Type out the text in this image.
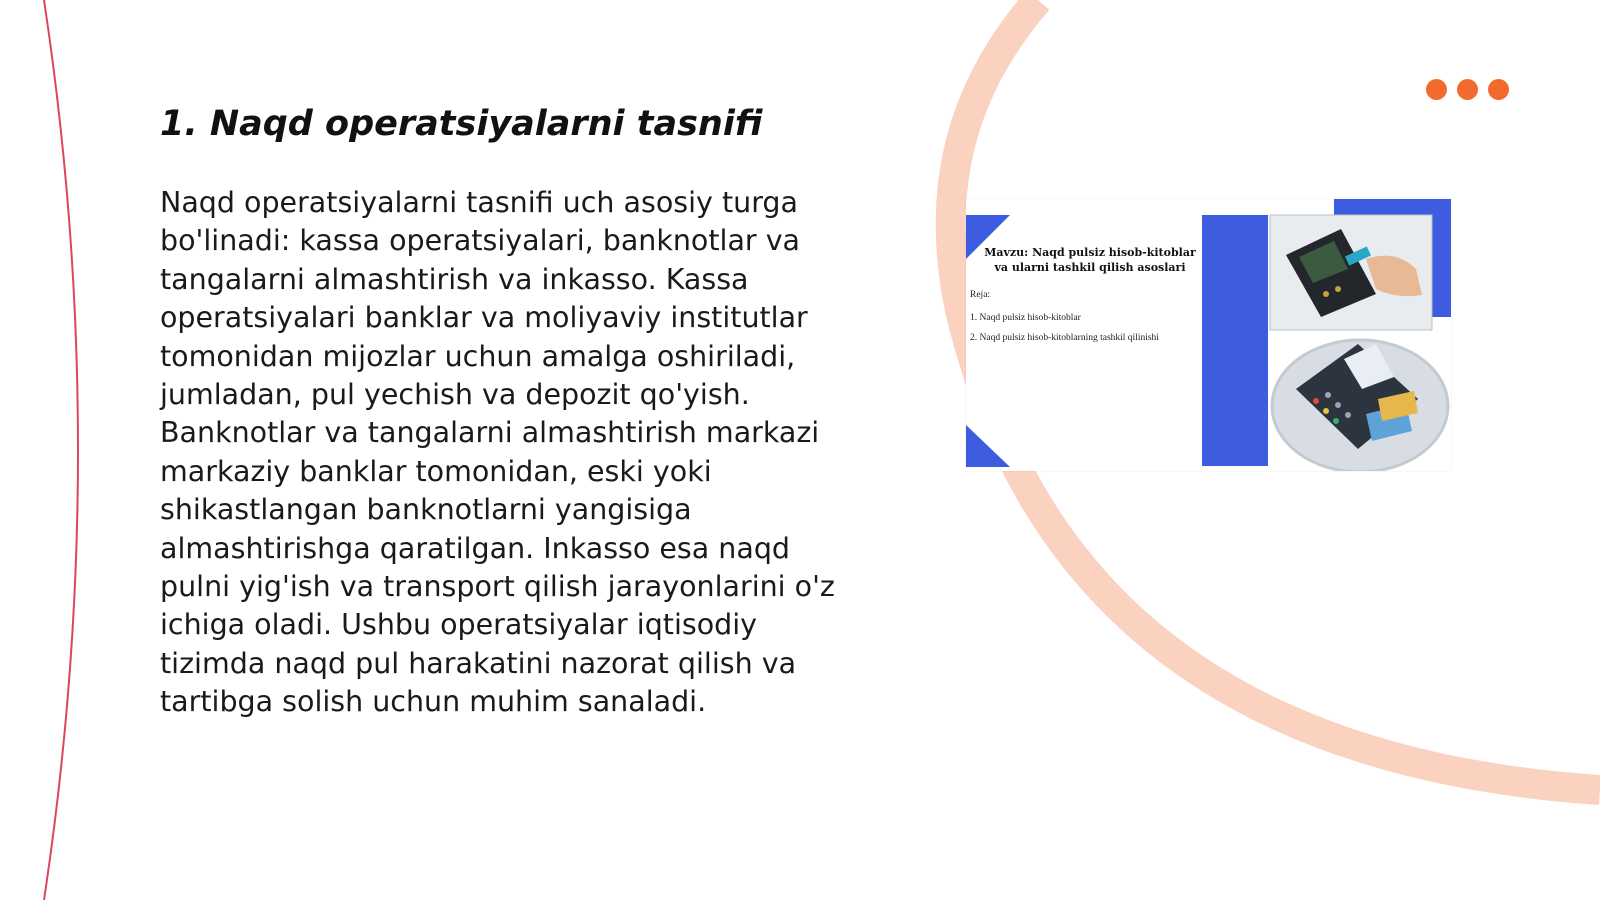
1. Naqd operatsiyalarni tasnifi

Naqd operatsiyalarni tasnifi uch asosiy turga bo'linadi: kassa operatsiyalari, banknotlar va tangalarni almashtirish va inkasso. Kassa operatsiyalari banklar va moliyaviy institutlar tomonidan mijozlar uchun amalga oshiriladi, jumladan, pul yechish va depozit qo'yish. Banknotlar va tangalarni almashtirish markazi markaziy banklar tomonidan, eski yoki shikastlangan banknotlarni yangisiga almashtirishga qaratilgan. Inkasso esa naqd pulni yig'ish va transport qilish jarayonlarini o'z ichiga oladi. Ushbu operatsiyalar iqtisodiy tizimda naqd pul harakatini nazorat qilish va tartibga solish uchun muhim sanaladi.

Mavzu: Naqd pulsiz hisob-kitoblar va ularni tashkil qilish asoslari

Reja:
1. Naqd pulsiz hisob-kitoblar
2. Naqd pulsiz hisob-kitoblarning tashkil qilinishi
